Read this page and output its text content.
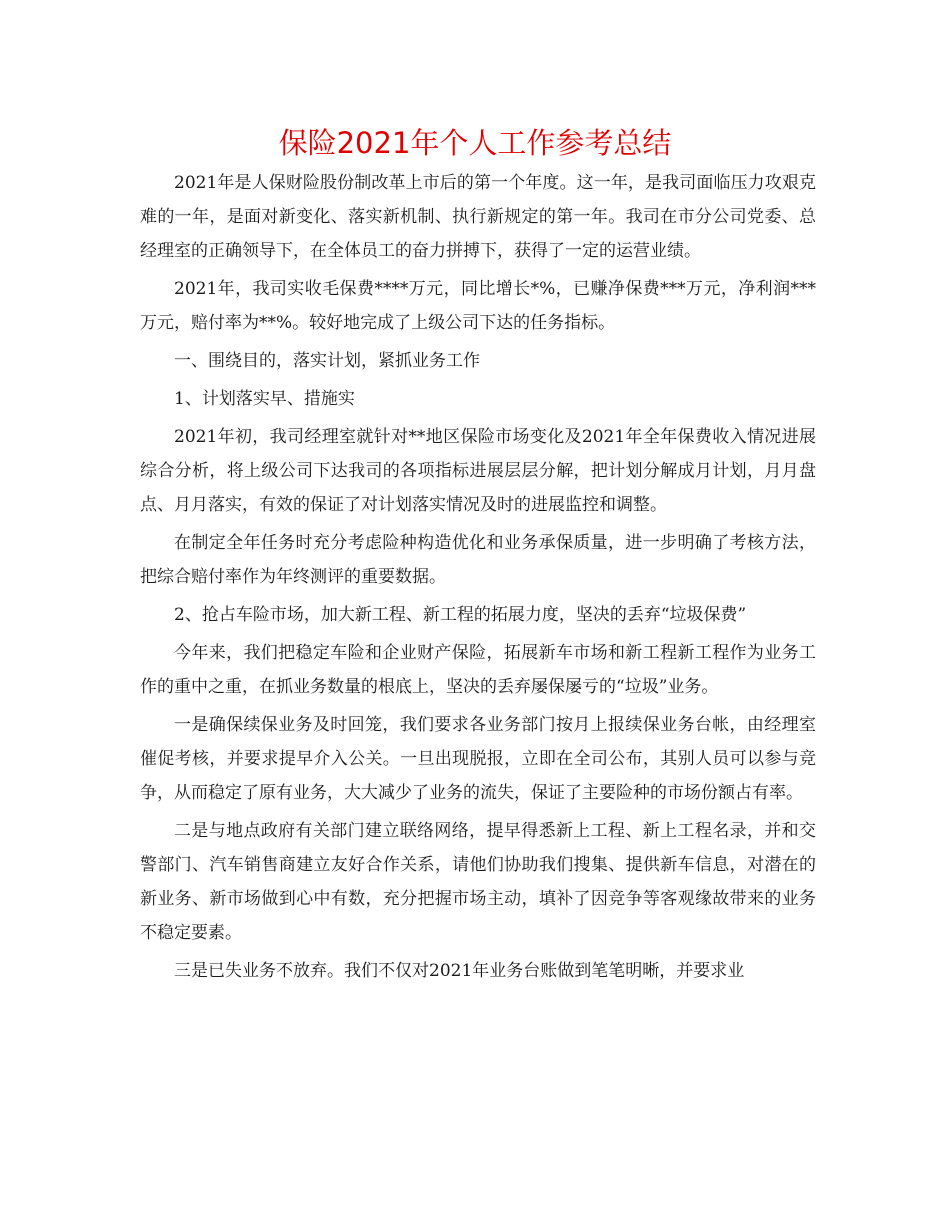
保险2021年个人工作参考总结

2021年是人保财险股份制改革上市后的第一个年度。这一年，是我司面临压力攻艰克难的一年，是面对新变化、落实新机制、执行新规定的第一年。我司在市分公司党委、总经理室的正确领导下，在全体员工的奋力拼搏下，获得了一定的运营业绩。

2021年，我司实收毛保费****万元，同比增长*%，已赚净保费***万元，净利润***万元，赔付率为**%。较好地完成了上级公司下达的任务指标。

一、围绕目的，落实计划，紧抓业务工作

1、计划落实早、措施实

2021年初，我司经理室就针对**地区保险市场变化及2021年全年保费收入情况进展综合分析，将上级公司下达我司的各项指标进展层层分解，把计划分解成月计划，月月盘点、月月落实，有效的保证了对计划落实情况及时的进展监控和调整。

在制定全年任务时充分考虑险种构造优化和业务承保质量，进一步明确了考核方法，把综合赔付率作为年终测评的重要数据。

2、抢占车险市场，加大新工程、新工程的拓展力度，坚决的丢弃“垃圾保费”

今年来，我们把稳定车险和企业财产保险，拓展新车市场和新工程新工程作为业务工作的重中之重，在抓业务数量的根底上，坚决的丢弃屡保屡亏的“垃圾”业务。

一是确保续保业务及时回笼，我们要求各业务部门按月上报续保业务台帐，由经理室催促考核，并要求提早介入公关。一旦出现脱报，立即在全司公布，其别人员可以参与竞争，从而稳定了原有业务，大大减少了业务的流失，保证了主要险种的市场份额占有率。

二是与地点政府有关部门建立联络网络，提早得悉新上工程、新上工程名录，并和交警部门、汽车销售商建立友好合作关系，请他们协助我们搜集、提供新车信息，对潜在的新业务、新市场做到心中有数，充分把握市场主动，填补了因竞争等客观缘故带来的业务不稳定要素。

三是已失业务不放弃。我们不仅对2021年业务台账做到笔笔明晰，并要求业
